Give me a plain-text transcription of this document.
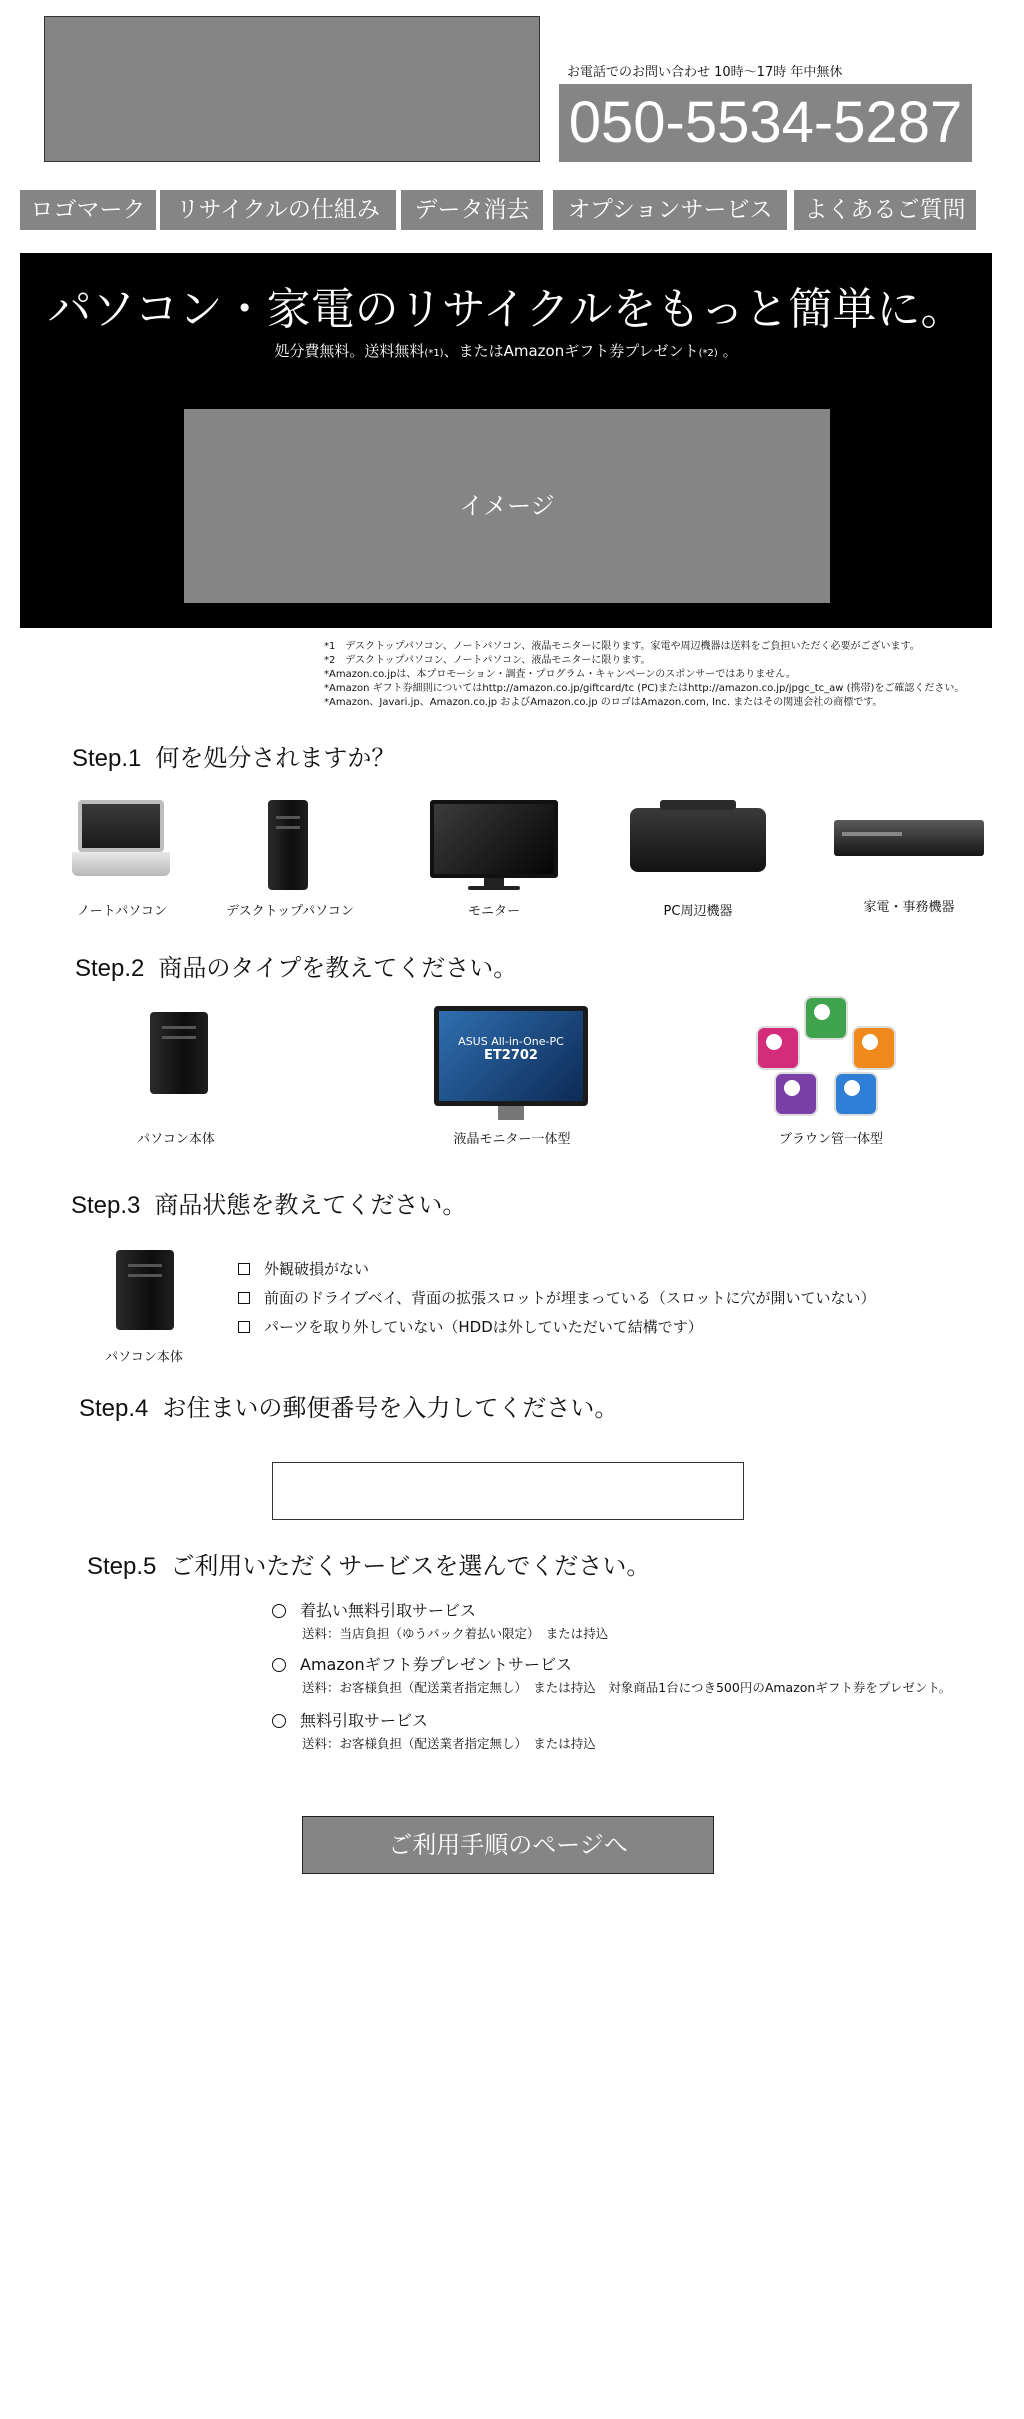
お電話でのお問い合わせ 10時～17時 年中無休
050-5534-5287
ロゴマーク	リサイクルの仕組み	データ消去	オプションサービス	よくあるご質問
パソコン・家電のリサイクルをもっと簡単に。
処分費無料。送料無料(*1)、またはAmazonギフト券プレゼント(*2) 。
イメージ
*1　デスクトップパソコン、ノートパソコン、液晶モニターに限ります。家電や周辺機器は送料をご負担いただく必要がございます。
*2　デスクトップパソコン、ノートパソコン、液晶モニターに限ります。
*Amazon.co.jpは、本プロモーション・調査・プログラム・キャンペーンのスポンサーではありません。
*Amazon ギフト券細則についてはhttp://amazon.co.jp/giftcard/tc (PC)またはhttp://amazon.co.jp/jpgc_tc_aw (携帯)をご確認ください。
*Amazon、Javari.jp、Amazon.co.jp およびAmazon.co.jp のロゴはAmazon.com, Inc. またはその関連会社の商標です。
Step.1 何を処分されますか？
ノートパソコン	デスクトップパソコン	モニター	PC周辺機器	家電・事務機器
Step.2 商品のタイプを教えてください。
パソコン本体
ASUS All-in-One-PC
ET2702
液晶モニター一体型	ブラウン管一体型
Step.3 商品状態を教えてください。
パソコン本体
外観破損がない
前面のドライブベイ、背面の拡張スロットが埋まっている（スロットに穴が開いていない）
パーツを取り外していない（HDDは外していただいて結構です）
Step.4 お住まいの郵便番号を入力してください。
Step.5 ご利用いただくサービスを選んでください。
着払い無料引取サービス
送料：当店負担（ゆうパック着払い限定）　または持込
Amazonギフト券プレゼントサービス
送料：お客様負担（配送業者指定無し）　または持込　対象商品1台につき500円のAmazonギフト券をプレゼント。
無料引取サービス
送料：お客様負担（配送業者指定無し）　または持込
ご利用手順のページへ
